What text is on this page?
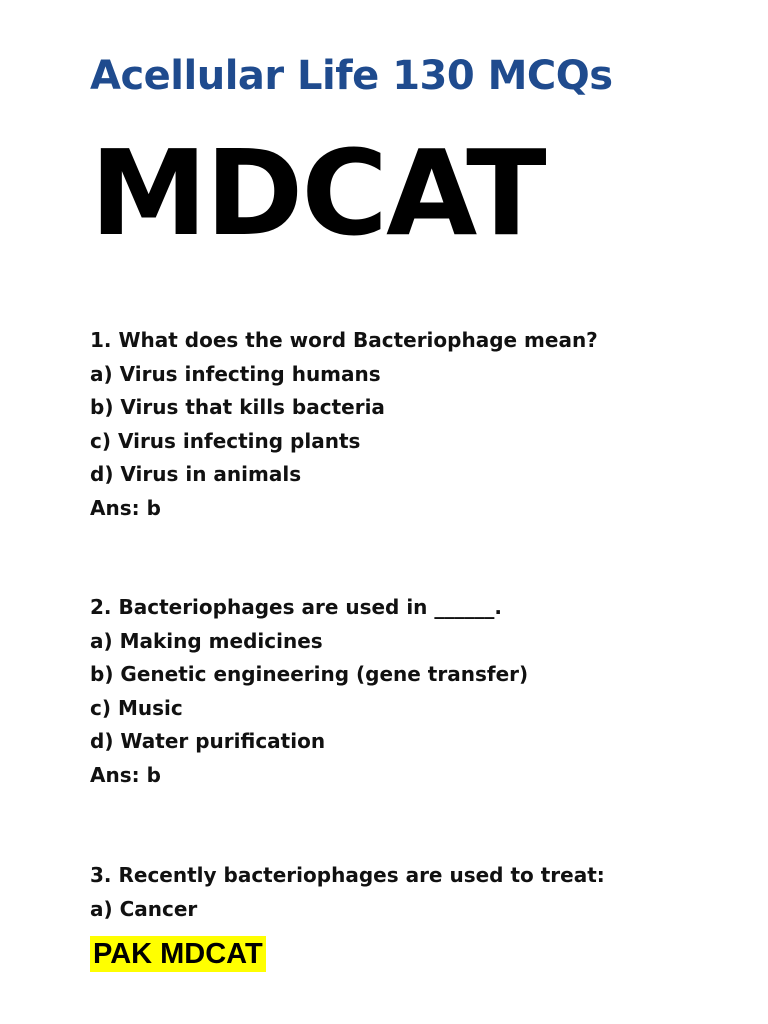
Acellular Life 130 MCQs
MDCAT
1. What does the word Bacteriophage mean?
a) Virus infecting humans
b) Virus that kills bacteria
c) Virus infecting plants
d) Virus in animals
Ans: b
2. Bacteriophages are used in ______.
a) Making medicines
b) Genetic engineering (gene transfer)
c) Music
d) Water purification
Ans: b
3. Recently bacteriophages are used to treat:
a) Cancer
PAK MDCAT
